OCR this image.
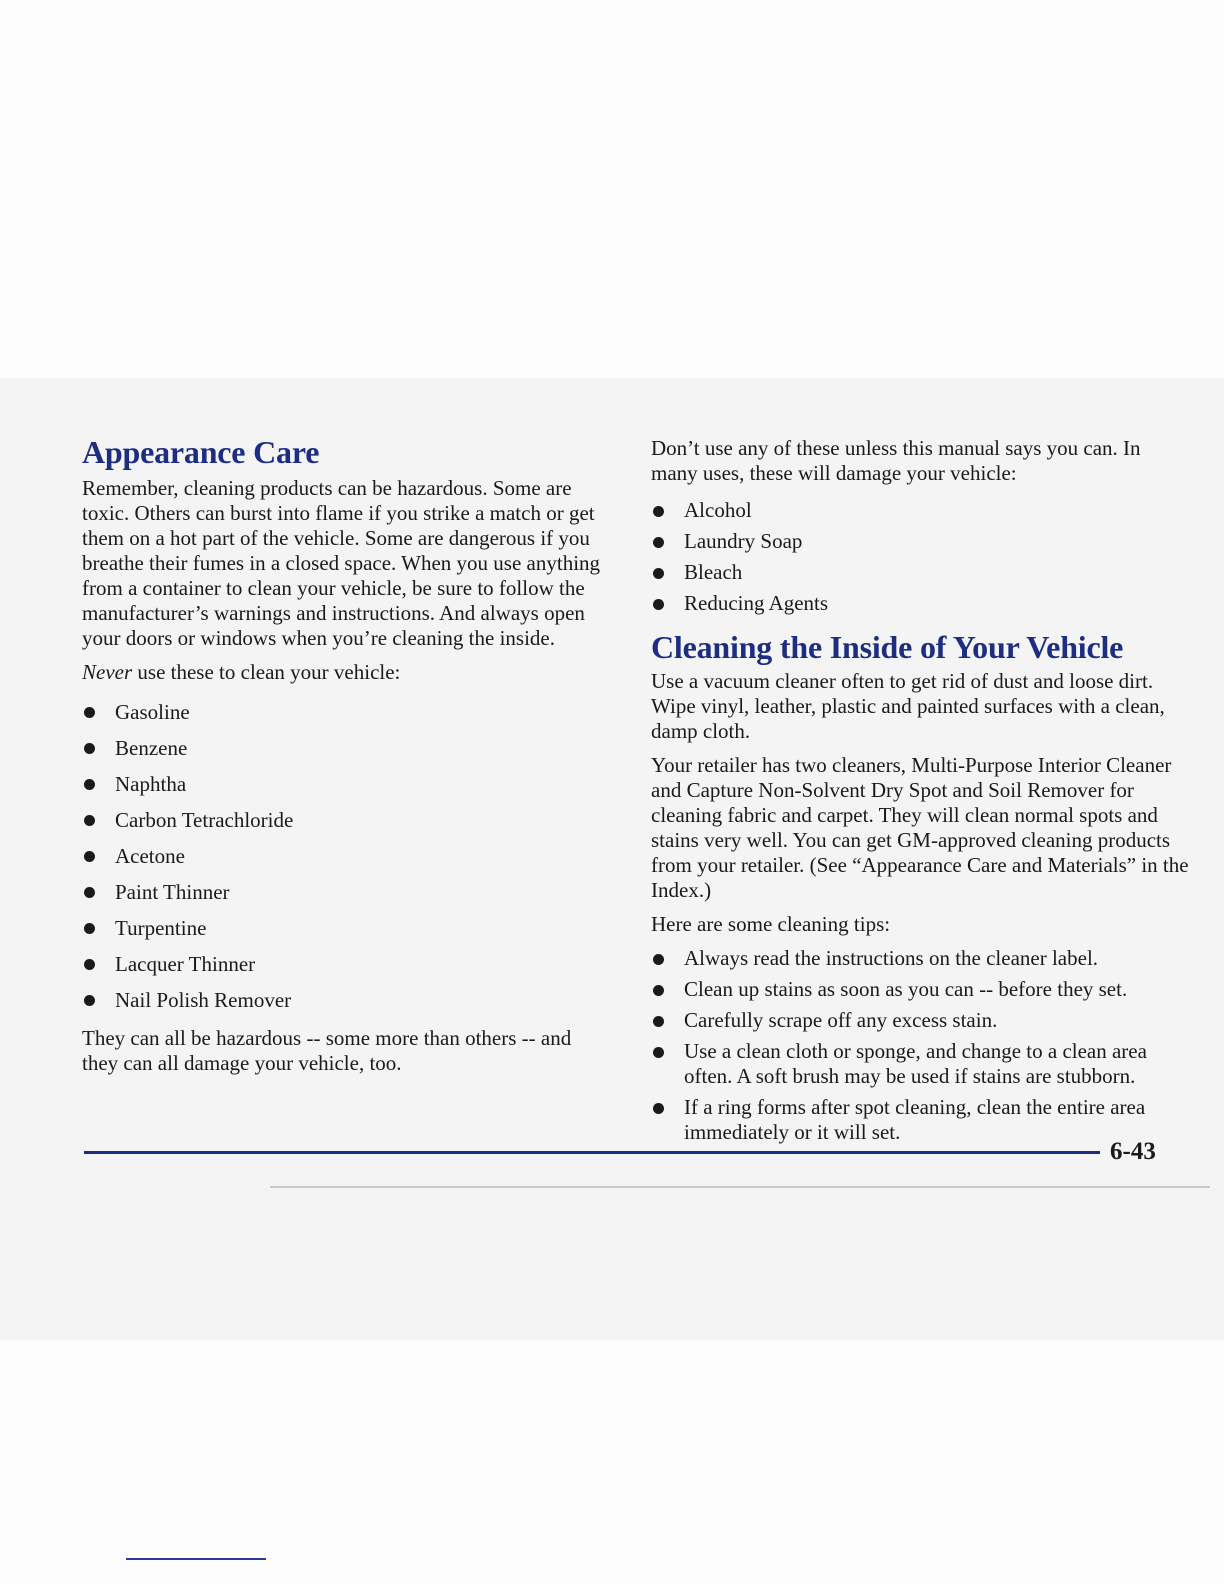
Appearance Care

Remember, cleaning products can be hazardous. Some are toxic. Others can burst into flame if you strike a match or get them on a hot part of the vehicle. Some are dangerous if you breathe their fumes in a closed space. When you use anything from a container to clean your vehicle, be sure to follow the manufacturer’s warnings and instructions. And always open your doors or windows when you’re cleaning the inside.

Never use these to clean your vehicle:

Gasoline
Benzene
Naphtha
Carbon Tetrachloride
Acetone
Paint Thinner
Turpentine
Lacquer Thinner
Nail Polish Remover

They can all be hazardous -- some more than others -- and they can all damage your vehicle, too.

Don’t use any of these unless this manual says you can. In many uses, these will damage your vehicle:

Alcohol
Laundry Soap
Bleach
Reducing Agents
Cleaning the Inside of Your Vehicle

Use a vacuum cleaner often to get rid of dust and loose dirt. Wipe vinyl, leather, plastic and painted surfaces with a clean, damp cloth.

Your retailer has two cleaners, Multi-Purpose Interior Cleaner and Capture Non-Solvent Dry Spot and Soil Remover for cleaning fabric and carpet. They will clean normal spots and stains very well. You can get GM-approved cleaning products from your retailer. (See “Appearance Care and Materials” in the Index.)

Here are some cleaning tips:

Always read the instructions on the cleaner label.
Clean up stains as soon as you can -- before they set.
Carefully scrape off any excess stain.
Use a clean cloth or sponge, and change to a clean area often. A soft brush may be used if stains are stubborn.
If a ring forms after spot cleaning, clean the entire area immediately or it will set.
6-43
